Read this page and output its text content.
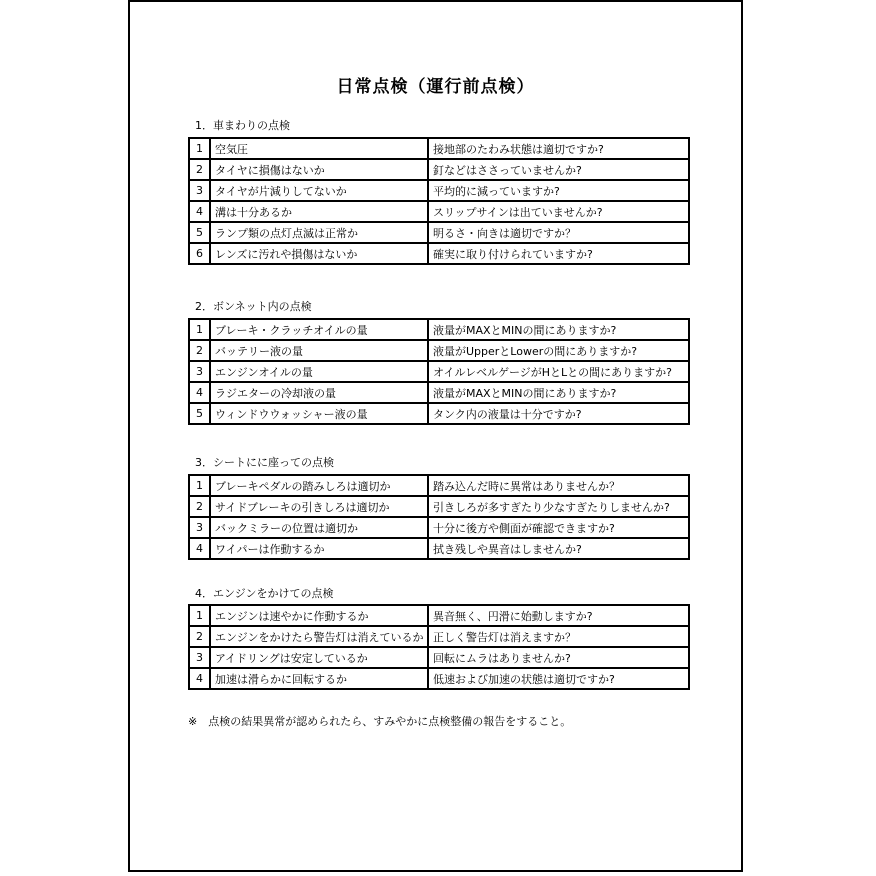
日常点検（運行前点検）
1．車まわりの点検
1	空気圧	接地部のたわみ状態は適切ですか?
2	タイヤに損傷はないか	釘などはささっていませんか?
3	タイヤが片減りしてないか	平均的に減っていますか?
4	溝は十分あるか	スリップサインは出ていませんか?
5	ランプ類の点灯点滅は正常か	明るさ・向きは適切ですか？
6	レンズに汚れや損傷はないか	確実に取り付けられていますか?
2．ボンネット内の点検
1	ブレーキ・クラッチオイルの量	液量がMAXとMINの間にありますか?
2	バッテリー液の量	液量がUpperとLowerの間にありますか?
3	エンジンオイルの量	オイルレベルゲージがHとLとの間にありますか?
4	ラジエターの冷却液の量	液量がMAXとMINの間にありますか?
5	ウィンドウウォッシャー液の量	タンク内の液量は十分ですか?
3．シートにに座っての点検
1	ブレーキペダルの踏みしろは適切か	踏み込んだ時に異常はありませんか？
2	サイドブレーキの引きしろは適切か	引きしろが多すぎたり少なすぎたりしませんか?
3	バックミラーの位置は適切か	十分に後方や側面が確認できますか?
4	ワイパーは作動するか	拭き残しや異音はしませんか?
4．エンジンをかけての点検
1	エンジンは速やかに作動するか	異音無く、円滑に始動しますか?
2	エンジンをかけたら警告灯は消えているか	正しく警告灯は消えますか？
3	アイドリングは安定しているか	回転にムラはありませんか?
4	加速は滑らかに回転するか	低速および加速の状態は適切ですか?
※　点検の結果異常が認められたら、すみやかに点検整備の報告をすること。
